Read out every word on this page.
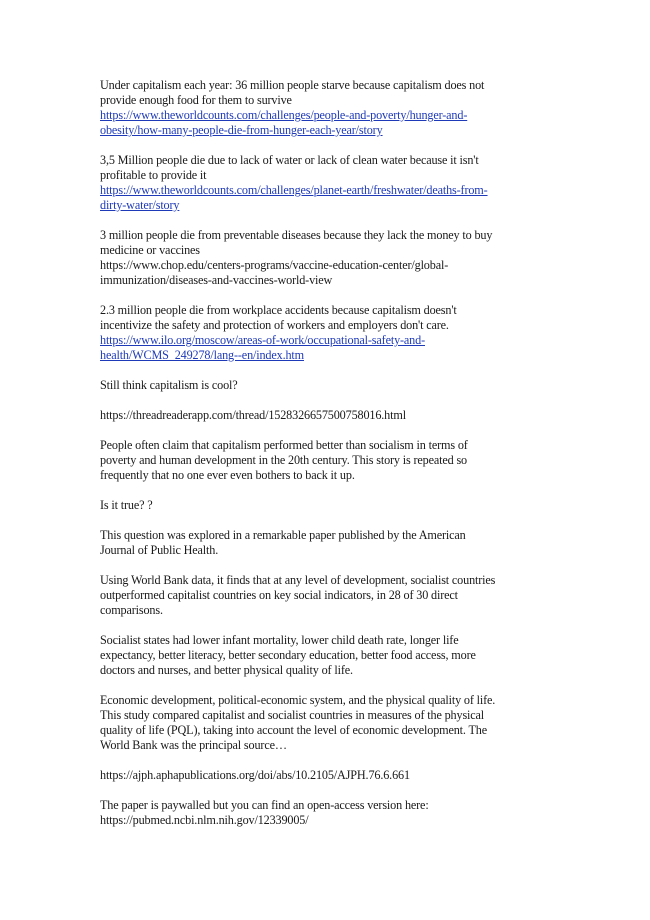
Under capitalism each year: 36 million people starve because capitalism does not
provide enough food for them to survive
https://www.theworldcounts.com/challenges/people-and-poverty/hunger-and-
obesity/how-many-people-die-from-hunger-each-year/story
3,5 Million people die due to lack of water or lack of clean water because it isn't
profitable to provide it
https://www.theworldcounts.com/challenges/planet-earth/freshwater/deaths-from-
dirty-water/story
3 million people die from preventable diseases because they lack the money to buy
medicine or vaccines
https://www.chop.edu/centers-programs/vaccine-education-center/global-
immunization/diseases-and-vaccines-world-view
2.3 million people die from workplace accidents because capitalism doesn't
incentivize the safety and protection of workers and employers don't care.
https://www.ilo.org/moscow/areas-of-work/occupational-safety-and-
health/WCMS_249278/lang--en/index.htm
Still think capitalism is cool?
https://threadreaderapp.com/thread/1528326657500758016.html
People often claim that capitalism performed better than socialism in terms of
poverty and human development in the 20th century. This story is repeated so
frequently that no one ever even bothers to back it up.
Is it true? ?
This question was explored in a remarkable paper published by the American
Journal of Public Health.
Using World Bank data, it finds that at any level of development, socialist countries
outperformed capitalist countries on key social indicators, in 28 of 30 direct
comparisons.
Socialist states had lower infant mortality, lower child death rate, longer life
expectancy, better literacy, better secondary education, better food access, more
doctors and nurses, and better physical quality of life.
Economic development, political-economic system, and the physical quality of life.
This study compared capitalist and socialist countries in measures of the physical
quality of life (PQL), taking into account the level of economic development. The
World Bank was the principal source…
https://ajph.aphapublications.org/doi/abs/10.2105/AJPH.76.6.661
The paper is paywalled but you can find an open-access version here:
https://pubmed.ncbi.nlm.nih.gov/12339005/
